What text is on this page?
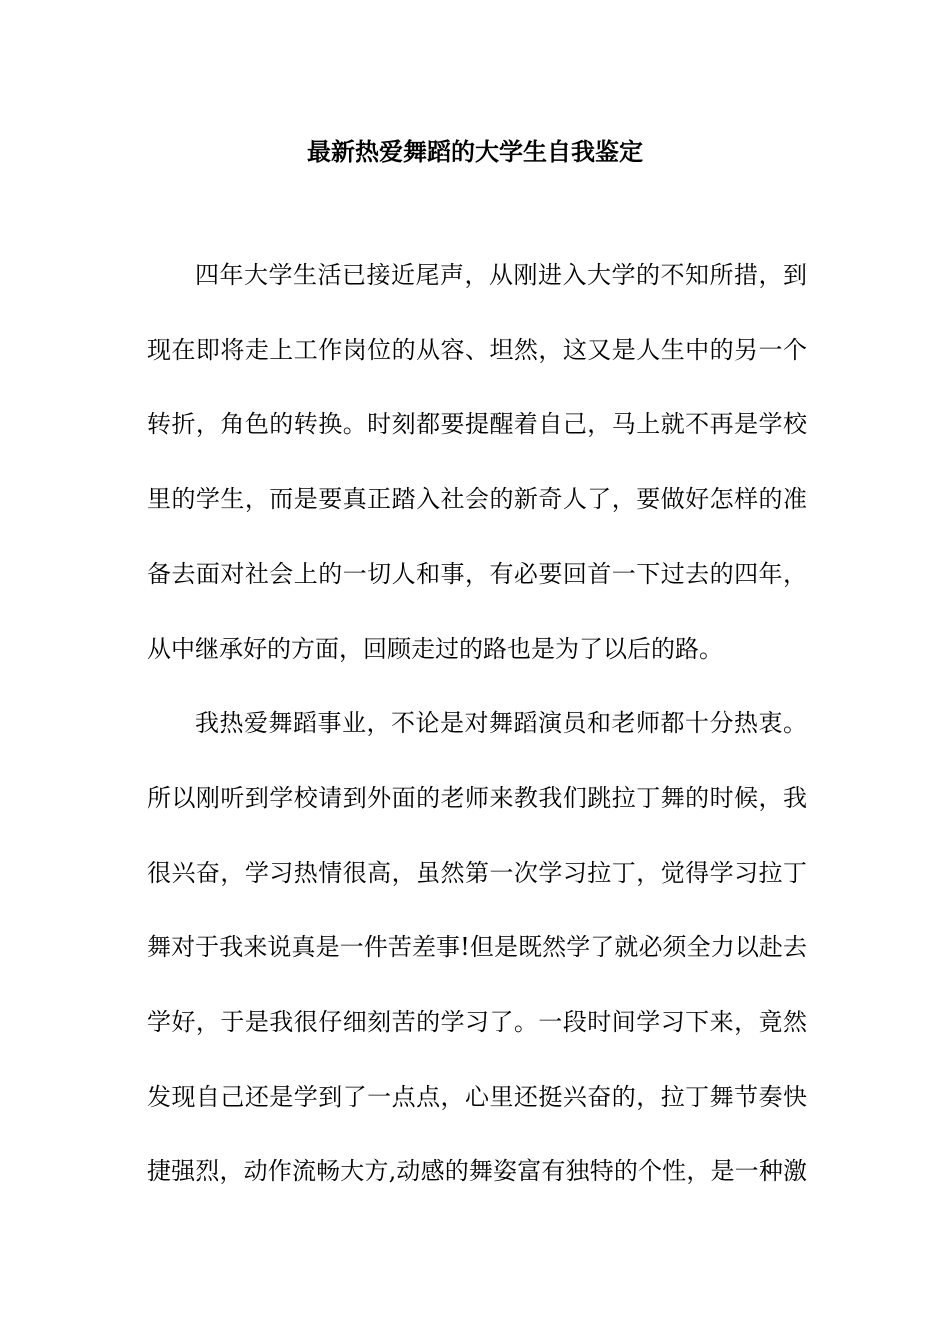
最新热爱舞蹈的大学生自我鉴定

四年大学生活已接近尾声，从刚进入大学的不知所措，到

现在即将走上工作岗位的从容、坦然，这又是人生中的另一个

转折，角色的转换。时刻都要提醒着自己，马上就不再是学校

里的学生，而是要真正踏入社会的新奇人了，要做好怎样的准

备去面对社会上的一切人和事，有必要回首一下过去的四年，

从中继承好的方面，回顾走过的路也是为了以后的路。

我热爱舞蹈事业，不论是对舞蹈演员和老师都十分热衷。

所以刚听到学校请到外面的老师来教我们跳拉丁舞的时候，我

很兴奋，学习热情很高，虽然第一次学习拉丁，觉得学习拉丁

舞对于我来说真是一件苦差事!但是既然学了就必须全力以赴去

学好，于是我很仔细刻苦的学习了。一段时间学习下来，竟然

发现自己还是学到了一点点，心里还挺兴奋的，拉丁舞节奏快

捷强烈，动作流畅大方,动感的舞姿富有独特的个性，是一种激
